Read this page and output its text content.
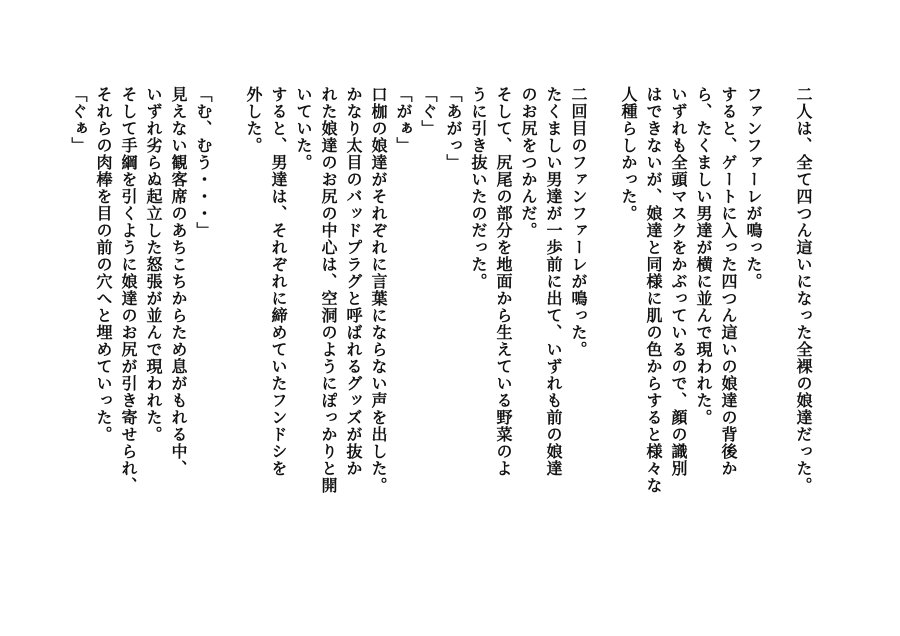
二人は、全て四つん這いになった全裸の娘達だった。
ファンファーレが鳴った。
すると、ゲートに入った四つん這いの娘達の背後か
ら、たくましい男達が横に並んで現われた。
いずれも全頭マスクをかぶっているので、顔の識別
はできないが、娘達と同様に肌の色からすると様々な
人種らしかった。
二回目のファンファーレが鳴った。
たくましい男達が一歩前に出て、いずれも前の娘達
のお尻をつかんだ。
そして、尻尾の部分を地面から生えている野菜のよ
うに引き抜いたのだった。
「あがっ」
「ぐ」
「がぁ」
口枷の娘達がそれぞれに言葉にならない声を出した。
かなり太目のバッドプラグと呼ばれるグッズが抜か
れた娘達のお尻の中心は、空洞のようにぽっかりと開
いていた。
すると、男達は、それぞれに締めていたフンドシを
外した。
「む、むう・・・」
見えない観客席のあちこちからため息がもれる中、
いずれ劣らぬ起立した怒張が並んで現われた。
そして手綱を引くように娘達のお尻が引き寄せられ、
それらの肉棒を目の前の穴へと埋めていった。
「ぐぁ」
